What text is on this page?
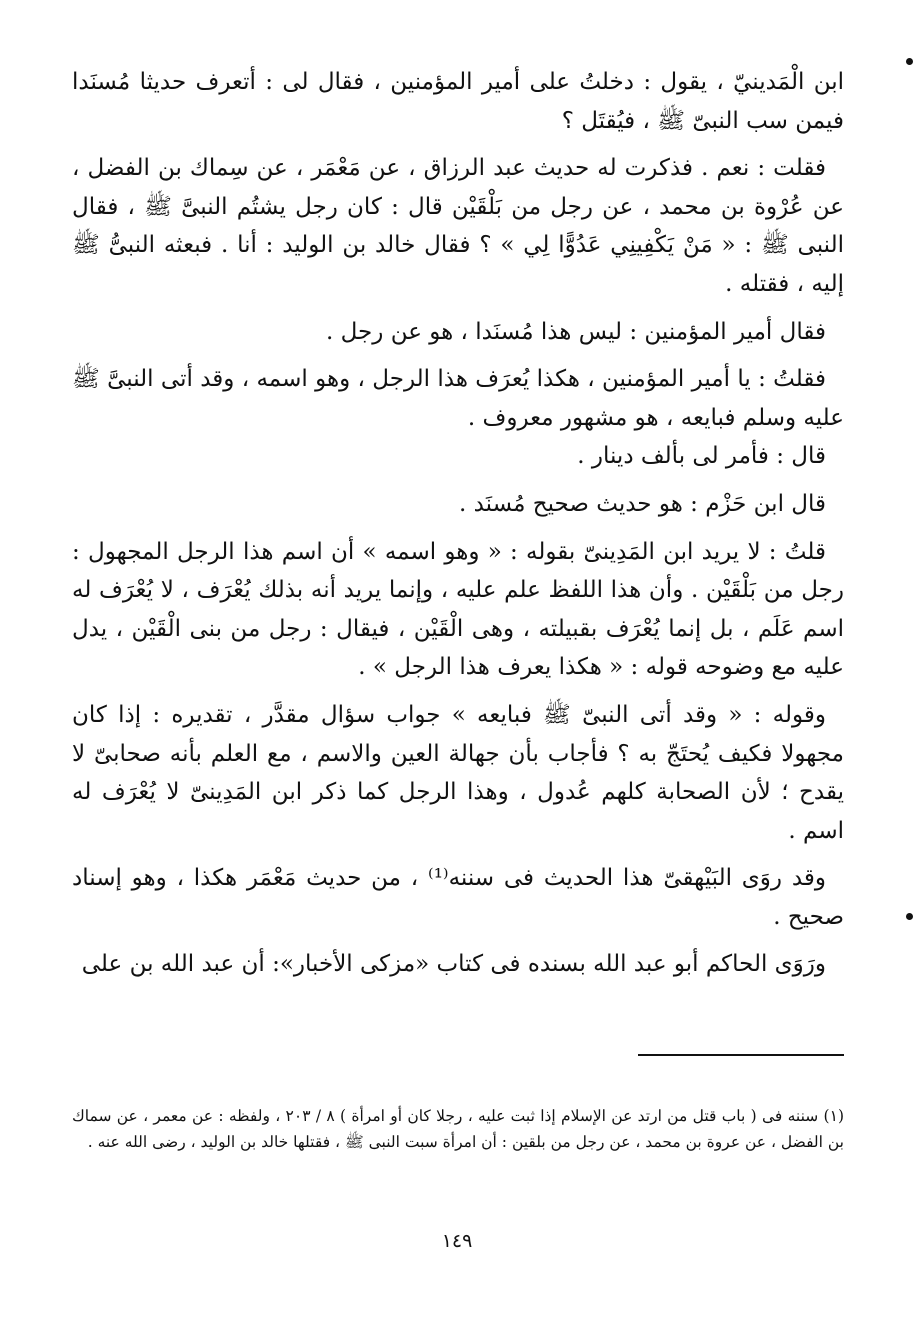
ابن الْمَدينيّ ، يقول : دخلتُ على أمير المؤمنين ، فقال لى : أتعرف حديثا مُسنَدا فيمن سب النبىّ ﷺ ، فيُقتَل ؟

فقلت : نعم . فذكرت له حديث عبد الرزاق ، عن مَعْمَر ، عن سِماك بن الفضل ، عن عُرْوة بن محمد ، عن رجل من بَلْقَيْن قال : كان رجل يشتُم النبىَّ ﷺ ، فقال النبى ﷺ : « مَنْ يَكْفِينِي عَدُوًّا لِي » ؟ فقال خالد بن الوليد : أنا . فبعثه النبىُّ ﷺ إليه ، فقتله .

فقال أمير المؤمنين : ليس هذا مُسنَدا ، هو عن رجل .

فقلتُ : يا أمير المؤمنين ، هكذا يُعرَف هذا الرجل ، وهو اسمه ، وقد أتى النبىَّ ﷺ عليه وسلم فبايعه ، هو مشهور معروف .

قال : فأمر لى بألف دينار .

قال ابن حَزْم : هو حديث صحيح مُسنَد .

قلتُ : لا يريد ابن المَدِينىّ بقوله : « وهو اسمه » أن اسم هذا الرجل المجهول : رجل من بَلْقَيْن . وأن هذا اللفظ علم عليه ، وإنما يريد أنه بذلك يُعْرَف ، لا يُعْرَف له اسم عَلَم ، بل إنما يُعْرَف بقبيلته ، وهى الْقَيْن ، فيقال : رجل من بنى الْقَيْن ، يدل عليه مع وضوحه قوله : « هكذا يعرف هذا الرجل » .

وقوله : « وقد أتى النبىّ ﷺ فبايعه » جواب سؤال مقدَّر ، تقديره : إذا كان مجهولا فكيف يُحتَجّ به ؟ فأجاب بأن جهالة العين والاسم ، مع العلم بأنه صحابىّ لا يقدح ؛ لأن الصحابة كلهم عُدول ، وهذا الرجل كما ذكر ابن المَدِينىّ لا يُعْرَف له اسم .

وقد روَى البَيْهقىّ هذا الحديث فى سننه⁽¹⁾ ، من حديث مَعْمَر هكذا ، وهو إسناد صحيح .

ورَوَى الحاكم أبو عبد الله بسنده فى كتاب «مزكى الأخبار»: أن عبد الله بن على

(١) سننه فى ( باب قتل من ارتد عن الإسلام إذا ثبت عليه ، رجلا كان أو امرأة ) ٨ / ٢٠٣ ، ولفظه : عن معمر ، عن سماك بن الفضل ، عن عروة بن محمد ، عن رجل من بلقين : أن امرأة سبت النبى ﷺ ، فقتلها خالد بن الوليد ، رضى الله عنه .

١٤٩
